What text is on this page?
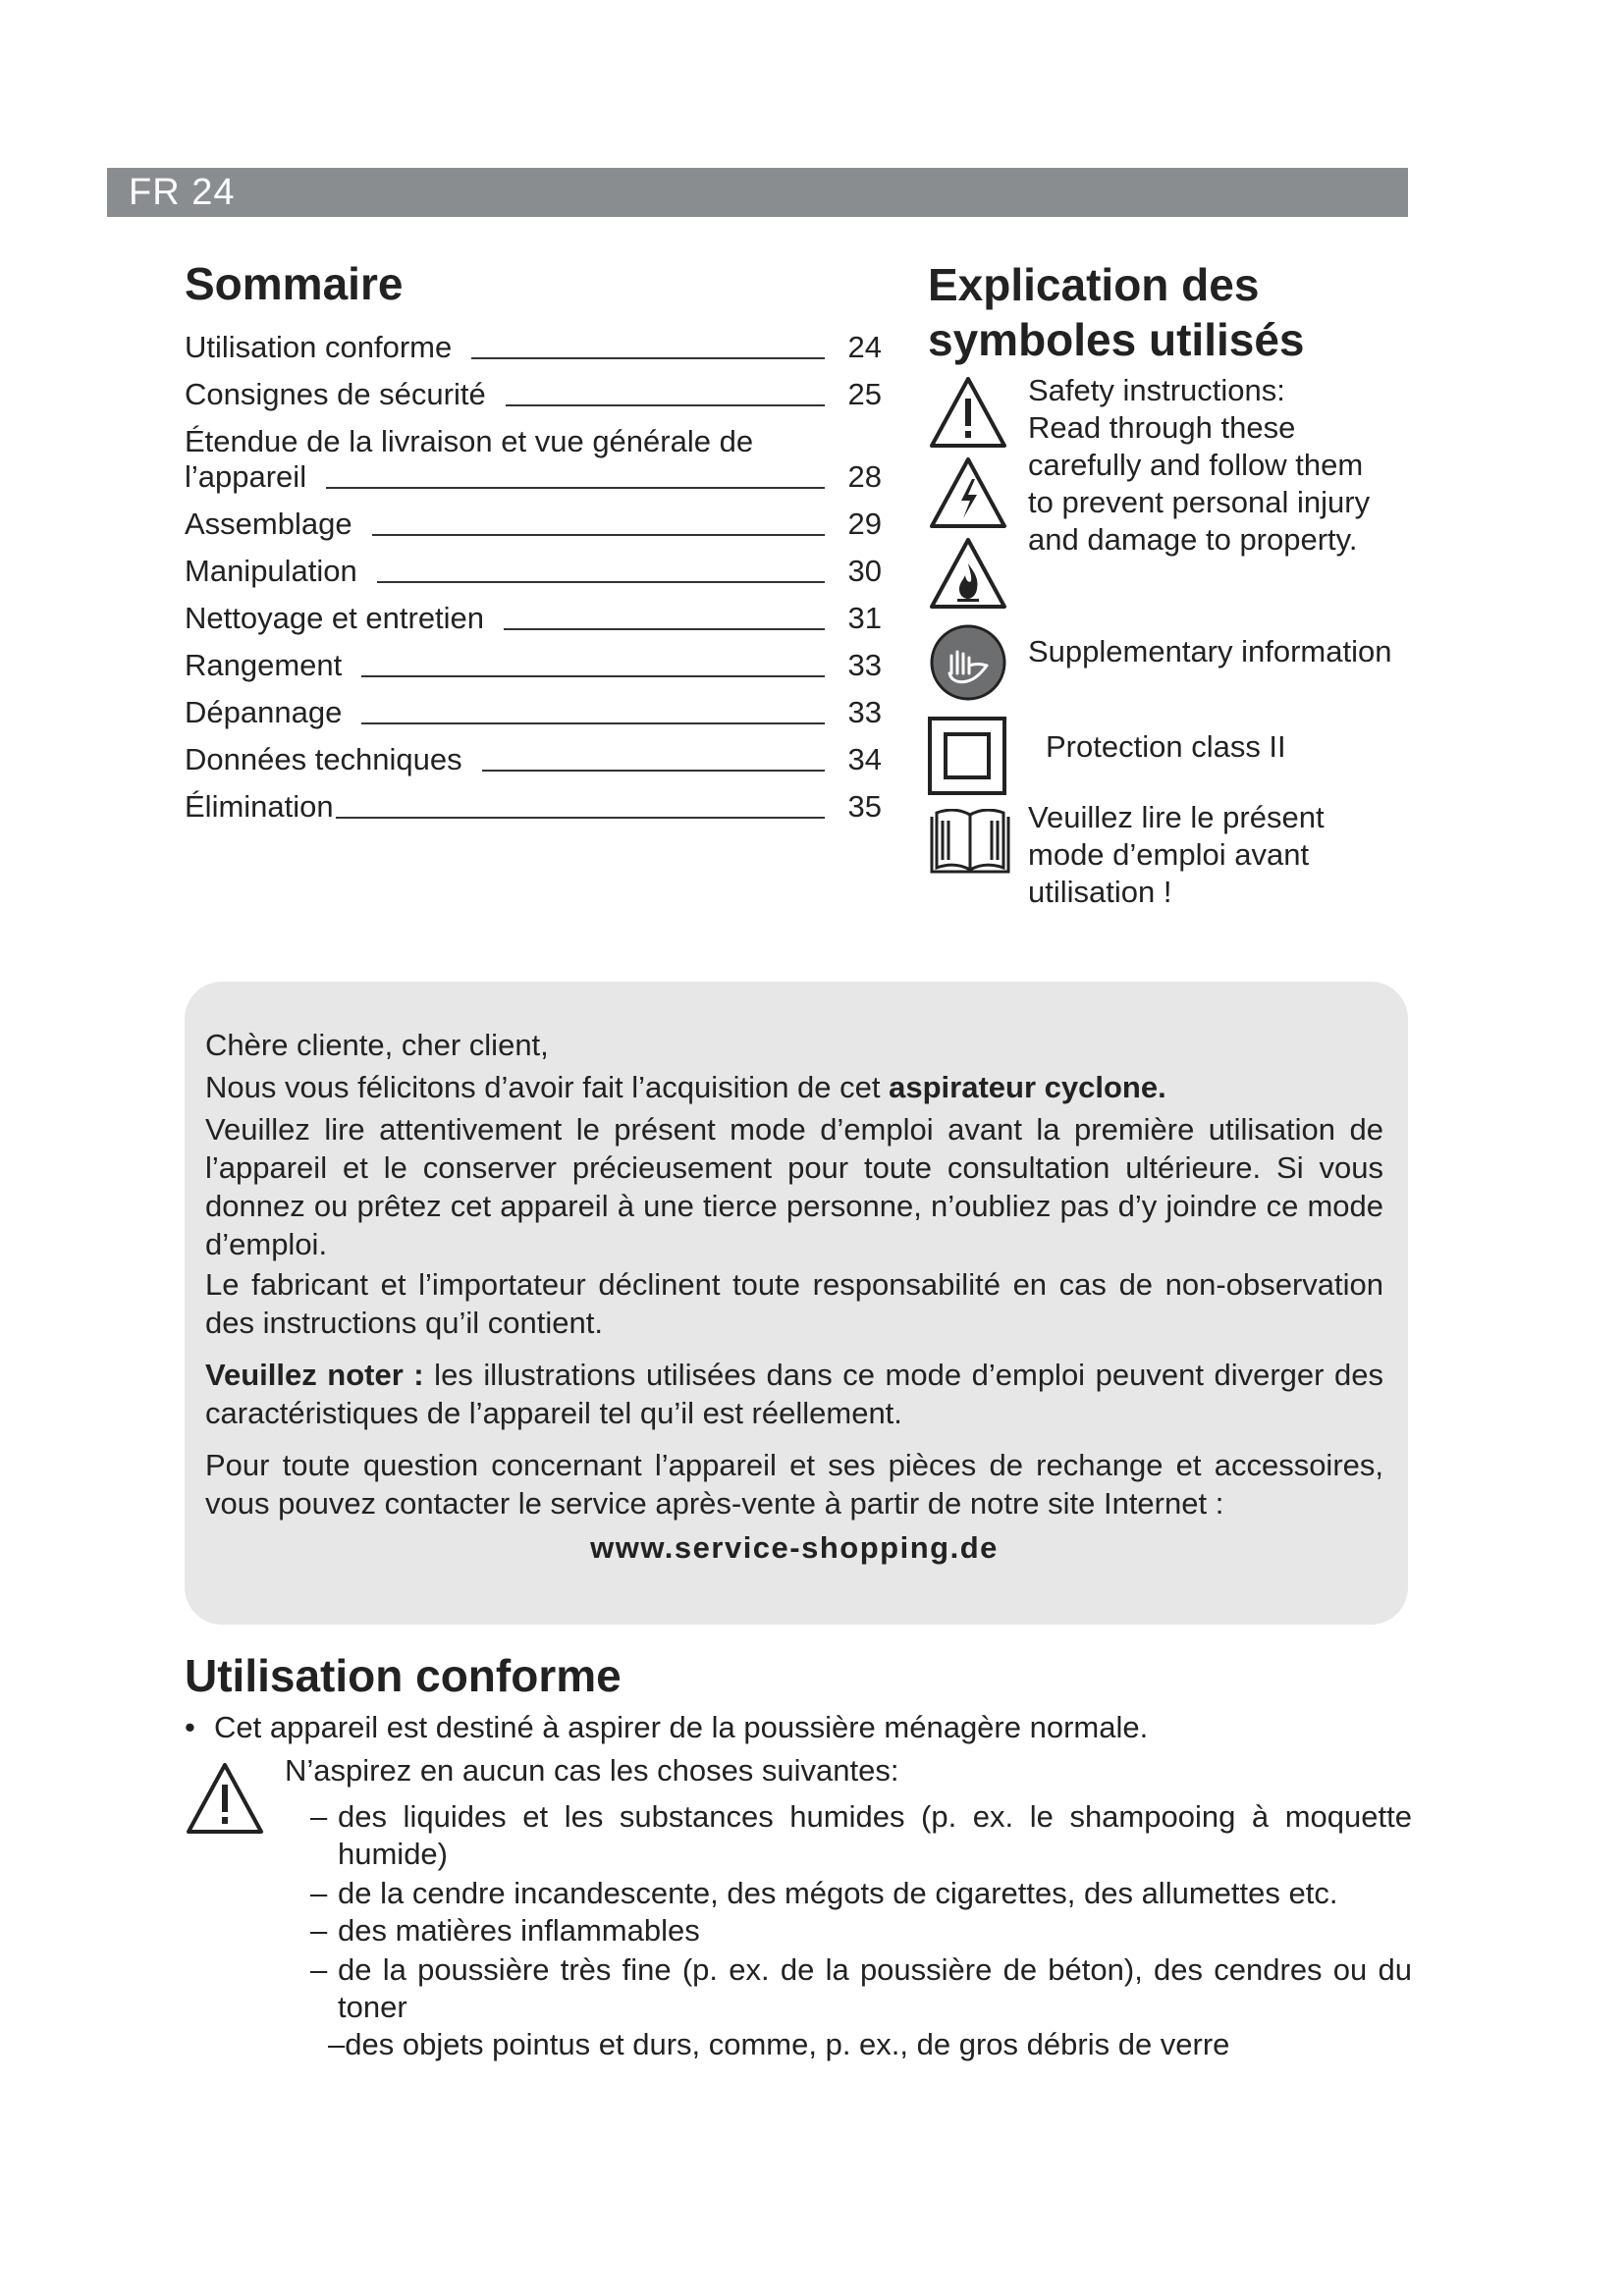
FR 24
Sommaire
Utilisation conforme	24
Consignes de sécurité	25
Étendue de la livraison et vue générale de
l’appareil	28
Assemblage	29
Manipulation	30
Nettoyage et entretien	31
Rangement	33
Dépannage	33
Données techniques	34
Élimination	35
Explication des
symboles utilisés
Safety instructions:
Read through these
carefully and follow them
to prevent personal injury
and damage to property.
Supplementary information
Protection class II
Veuillez lire le présent
mode d’emploi avant
utilisation !

Chère cliente, cher client,

Nous vous félicitons d’avoir fait l’acquisition de cet aspirateur cyclone.

Veuillez lire attentivement le présent mode d’emploi avant la première utilisation de l’appareil et le conserver précieusement pour toute consultation ultérieure. Si vous donnez ou prêtez cet appareil à une tierce personne, n’oubliez pas d’y joindre ce mode d’emploi.

Le fabricant et l’importateur déclinent toute responsabilité en cas de non-observation des instructions qu’il contient.

Veuillez noter : les illustrations utilisées dans ce mode d’emploi peuvent diverger des caractéristiques de l’appareil tel qu’il est réellement.

Pour toute question concernant l’appareil et ses pièces de rechange et accessoires, vous pouvez contacter le service après-vente à partir de notre site Internet :

www.service-shopping.de

Utilisation conforme
• Cet appareil est destiné à aspirer de la poussière ménagère normale.
N’aspirez en aucun cas les choses suivantes:
– des liquides et les substances humides (p. ex. le shampooing à moquette humide)
– de la cendre incandescente, des mégots de cigarettes, des allumettes etc.
– des matières inflammables
– de la poussière très fine (p. ex. de la poussière de béton), des cendres ou du toner
–des objets pointus et durs, comme, p. ex., de gros débris de verre
